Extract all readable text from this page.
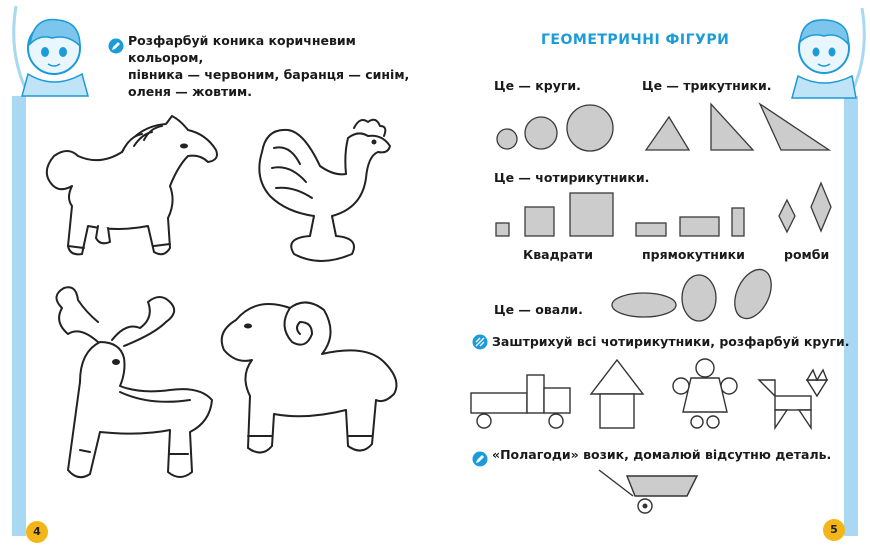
Розфарбуй коника коричневим кольором,
півника — червоним, баранця — синім,
оленя — жовтим.
4
ГЕОМЕТРИЧНІ ФІГУРИ
Це — круги.	Це — трикутники.
Це — чотирикутники.
Квадрати	прямокутники	ромби
Це — овали.
Заштрихуй всі чотирикутники, розфарбуй круги.
«Полагоди» возик, домалюй відсутню деталь.
5
